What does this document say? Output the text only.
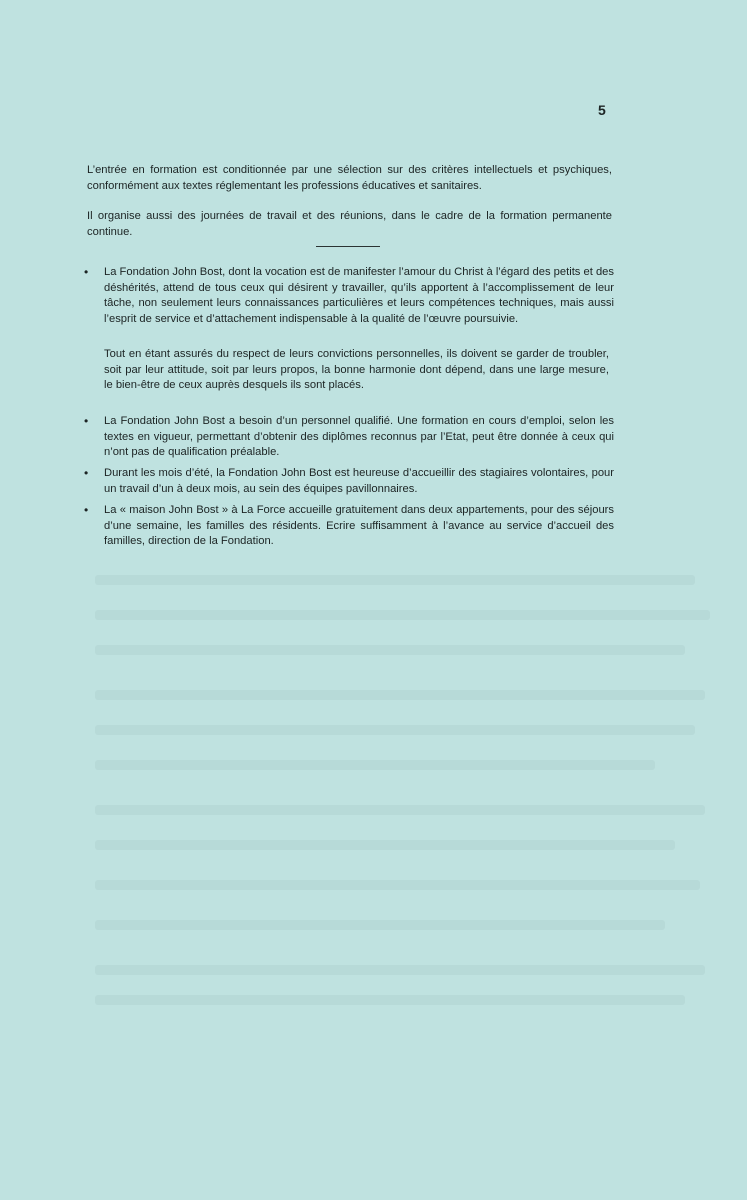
5

L’entrée en formation est conditionnée par une sélection sur des critères intellectuels et psychiques, conformément aux textes réglementant les professions éducatives et sanitaires.

Il organise aussi des journées de travail et des réunions, dans le cadre de la formation permanente continue.

• La Fondation John Bost, dont la vocation est de manifester l’amour du Christ à l’égard des petits et des déshérités, attend de tous ceux qui désirent y travailler, qu’ils apportent à l’accomplissement de leur tâche, non seulement leurs connaissances particulières et leurs compétences techniques, mais aussi l’esprit de service et d’attachement indispensable à la qualité de l’œuvre poursuivie.

Tout en étant assurés du respect de leurs convictions personnelles, ils doivent se garder de troubler, soit par leur attitude, soit par leurs propos, la bonne harmonie dont dépend, dans une large mesure, le bien-être de ceux auprès desquels ils sont placés.

• La Fondation John Bost a besoin d’un personnel qualifié. Une formation en cours d’emploi, selon les textes en vigueur, permettant d’obtenir des diplômes reconnus par l’Etat, peut être donnée à ceux qui n’ont pas de qualification préalable.
• Durant les mois d’été, la Fondation John Bost est heureuse d’accueillir des stagiaires volontaires, pour un travail d’un à deux mois, au sein des équipes pavillonnaires.
• La « maison John Bost » à La Force accueille gratuitement dans deux appartements, pour des séjours d’une semaine, les familles des résidents. Ecrire suffisamment à l’avance au service d’accueil des familles, direction de la Fondation.
